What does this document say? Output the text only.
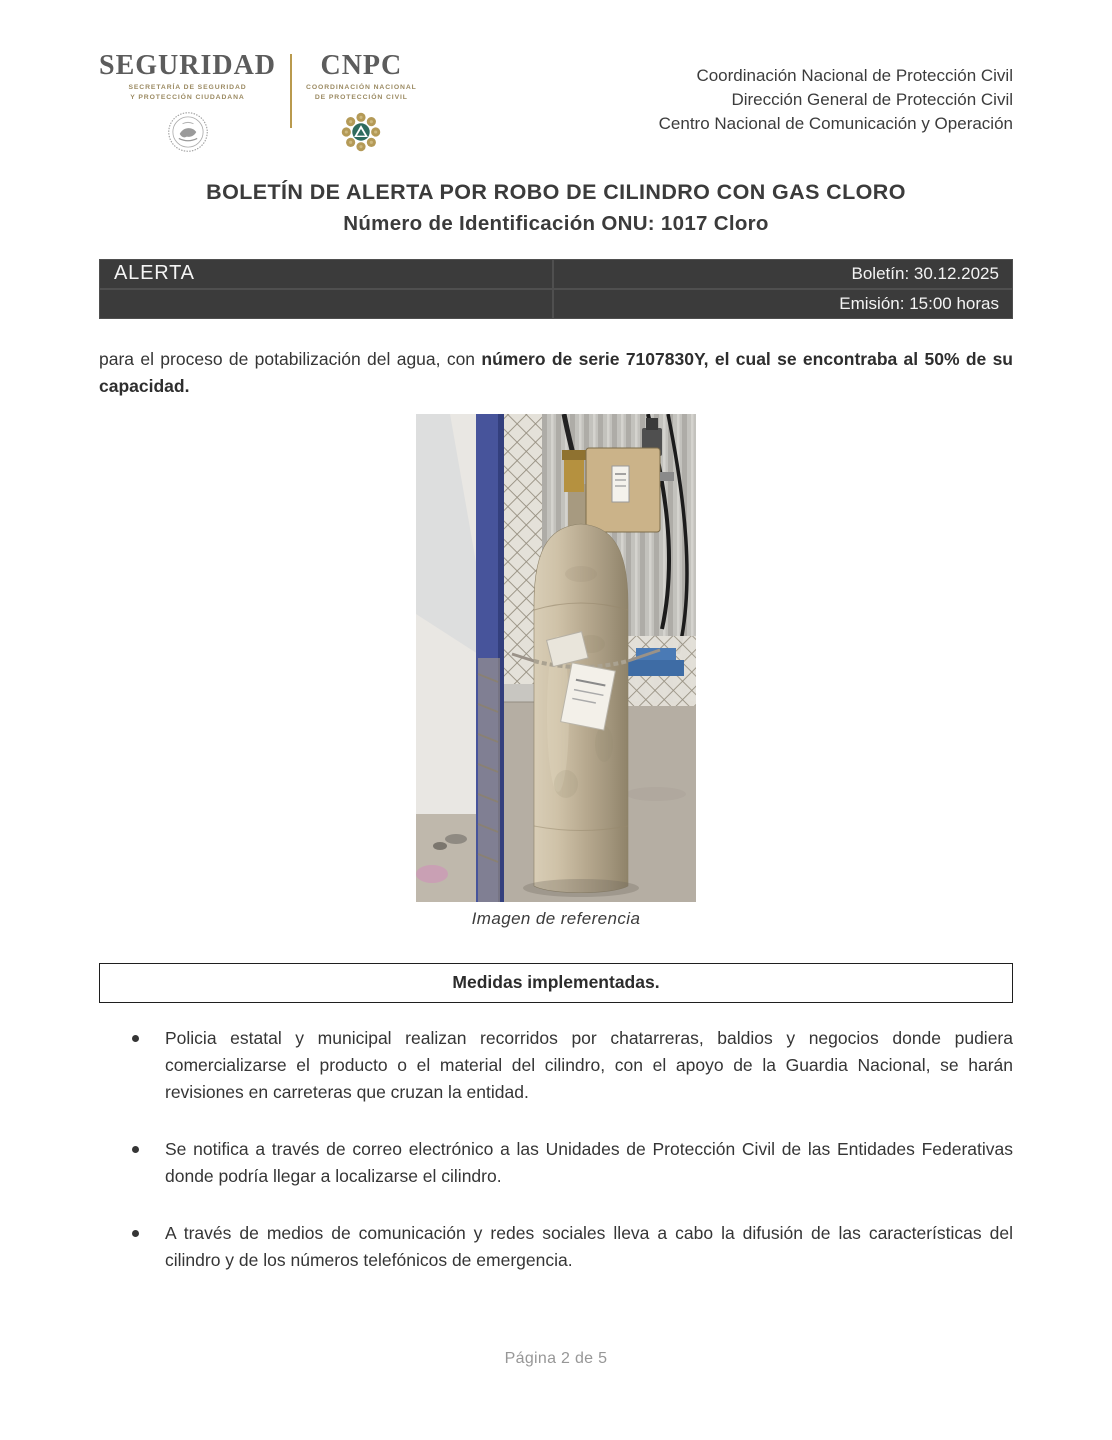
SEGURIDAD
SECRETARÍA DE SEGURIDAD
Y PROTECCIÓN CIUDADANA
CNPC
COORDINACIÓN NACIONAL
DE PROTECCIÓN CIVIL
Coordinación Nacional de Protección Civil
Dirección General de Protección Civil
Centro Nacional de Comunicación y Operación
BOLETÍN DE ALERTA POR ROBO DE CILINDRO CON GAS CLORO
Número de Identificación ONU: 1017 Cloro
ALERTA	Boletín: 30.12.2025
Emisión: 15:00 horas

para el proceso de potabilización del agua, con número de serie 7107830Y, el cual se encontraba al 50% de su capacidad.

Imagen de referencia
Medidas implementadas.
Policia estatal y municipal realizan recorridos por chatarreras, baldios y negocios donde pudiera comercializarse el producto o el material del cilindro, con el apoyo de la Guardia Nacional, se harán revisiones en carreteras que cruzan la entidad.
Se notifica a través de correo electrónico a las Unidades de Protección Civil de las Entidades Federativas donde podría llegar a localizarse el cilindro.
A través de medios de comunicación y redes sociales lleva a cabo la difusión de las características del cilindro y de los números telefónicos de emergencia.
Página 2 de 5
